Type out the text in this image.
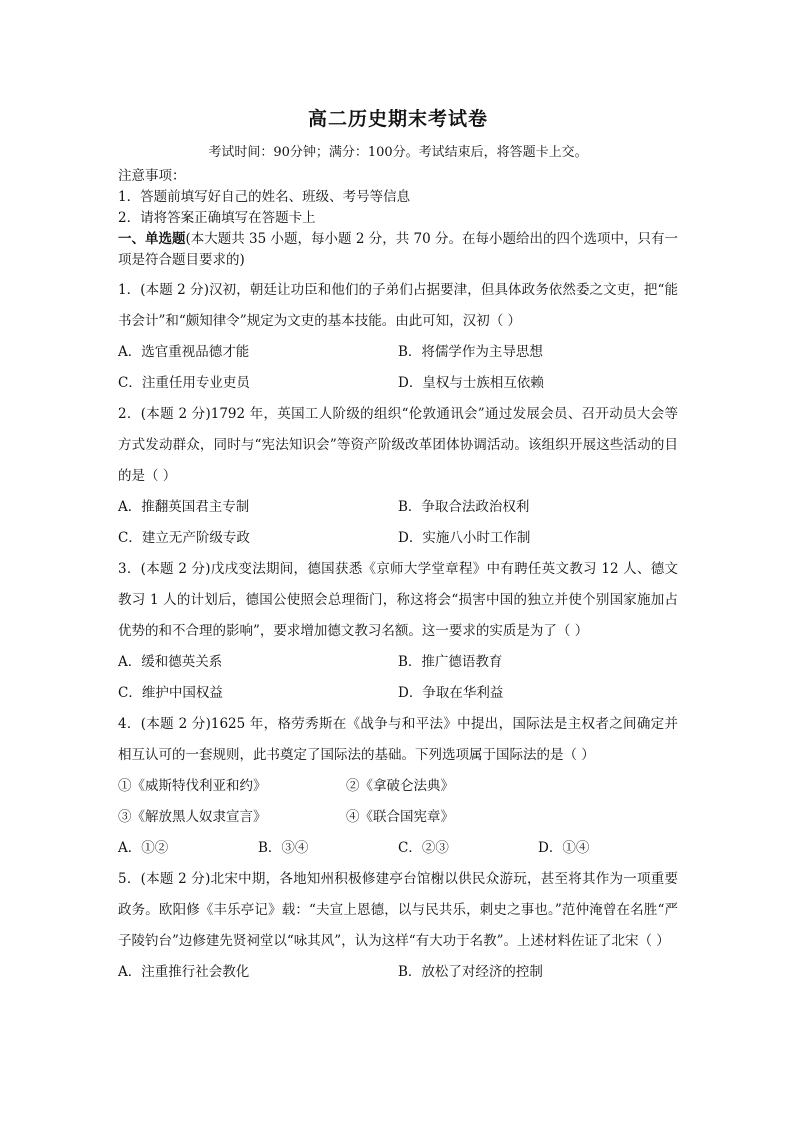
高二历史期末考试卷
考试时间：90分钟；满分：100分。考试结束后，将答题卡上交。

注意事项：

1．答题前填写好自己的姓名、班级、考号等信息

2．请将答案正确填写在答题卡上

一、单选题(本大题共 35 小题，每小题 2 分，共 70 分。在每小题给出的四个选项中，只有一项是符合题目要求的)

1．(本题 2 分)汉初，朝廷让功臣和他们的子弟们占据要津，但具体政务依然委之文吏，把“能书会计”和“颇知律令”规定为文吏的基本技能。由此可知，汉初（ ）

A．选官重视品德才能	B．将儒学作为主导思想
C．注重任用专业吏员	D．皇权与士族相互依赖

2．(本题 2 分)1792 年，英国工人阶级的组织“伦敦通讯会”通过发展会员、召开动员大会等方式发动群众，同时与“宪法知识会”等资产阶级改革团体协调活动。该组织开展这些活动的目的是（ ）

A．推翻英国君主专制	B．争取合法政治权利
C．建立无产阶级专政	D．实施八小时工作制

3．(本题 2 分)戊戌变法期间，德国获悉《京师大学堂章程》中有聘任英文教习 12 人、德文教习 1 人的计划后，德国公使照会总理衙门，称这将会“损害中国的独立并使个别国家施加占优势的和不合理的影响”，要求增加德文教习名额。这一要求的实质是为了（ ）

A．缓和德英关系	B．推广德语教育
C．维护中国权益	D．争取在华利益

4．(本题 2 分)1625 年，格劳秀斯在《战争与和平法》中提出，国际法是主权者之间确定并相互认可的一套规则，此书奠定了国际法的基础。下列选项属于国际法的是（ ）

①《威斯特伐利亚和约》	②《拿破仑法典》
③《解放黑人奴隶宣言》	④《联合国宪章》
A．①②	B．③④	C．②③	D．①④

5．(本题 2 分)北宋中期，各地知州积极修建亭台馆榭以供民众游玩，甚至将其作为一项重要政务。欧阳修《丰乐亭记》载：“夫宣上恩德，以与民共乐，刺史之事也。”范仲淹曾在名胜“严子陵钓台”边修建先贤祠堂以“咏其风”，认为这样“有大功于名教”。上述材料佐证了北宋（ ）

A．注重推行社会教化	B．放松了对经济的控制
